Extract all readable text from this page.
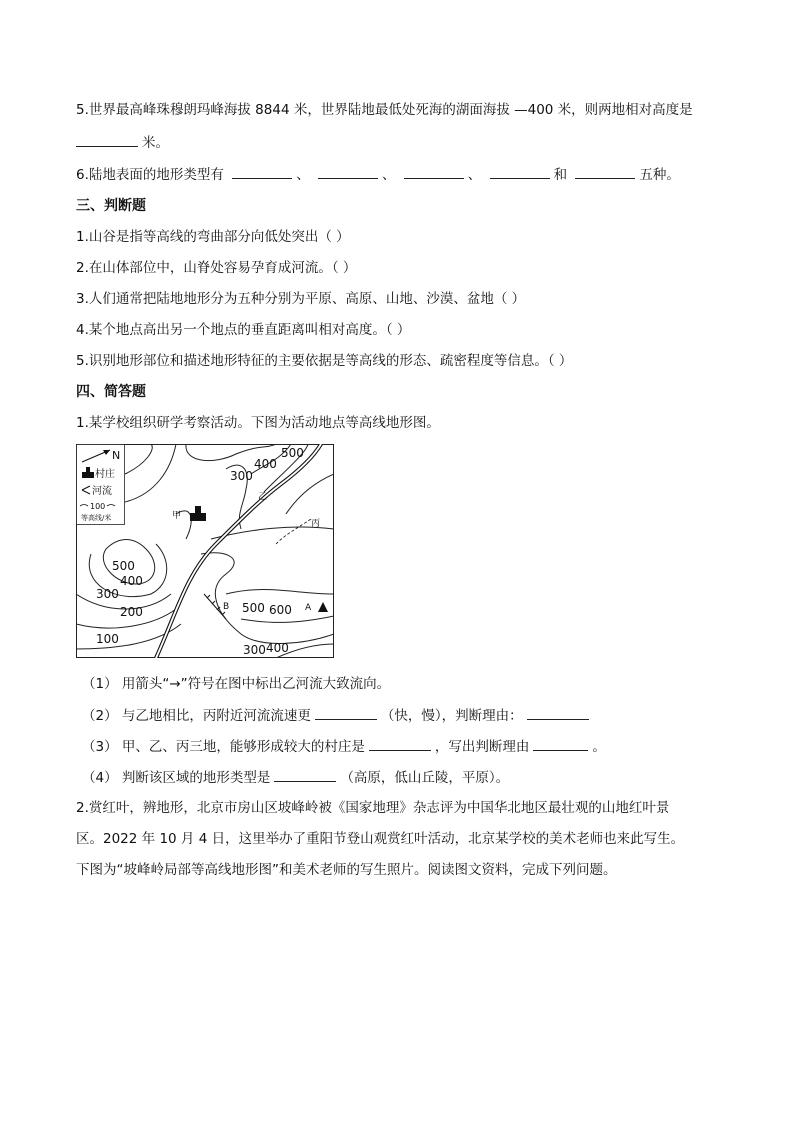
5.世界最高峰珠穆朗玛峰海拔 8844 米，世界陆地最低处死海的湖面海拔 —400 米，则两地相对高度是
米。
6.陆地表面的地形类型有	、	、	、	和	五种。
三、判断题
1.山谷是指等高线的弯曲部分向低处突出（ ）
2.在山体部位中，山脊处容易孕育成河流。（ ）
3.人们通常把陆地地形分为五种分别为平原、高原、山地、沙漠、盆地（ ）
4.某个地点高出另一个地点的垂直距离叫相对高度。（ ）
5.识别地形部位和描述地形特征的主要依据是等高线的形态、疏密程度等信息。（ ）
四、简答题
1.某学校组织研学考察活动。下图为活动地点等高线地形图。
N
村庄
河流
100
等高线/米	甲
乙
丙
A
B
500
400
300
500
400
300
200
100
500 600
400
300
（1） 用箭头“→”符号在图中标出乙河流大致流向。
（2） 与乙地相比，丙附近河流流速更	（快，慢），判断理由：
（3） 甲、乙、丙三地，能够形成较大的村庄是	，写出判断理由	。
（4） 判断该区域的地形类型是	（高原，低山丘陵，平原）。
2.赏红叶，辨地形，北京市房山区坡峰岭被《国家地理》杂志评为中国华北地区最壮观的山地红叶景
区。2022 年 10 月 4 日，这里举办了重阳节登山观赏红叶活动，北京某学校的美术老师也来此写生。
下图为“坡峰岭局部等高线地形图”和美术老师的写生照片。阅读图文资料，完成下列问题。
